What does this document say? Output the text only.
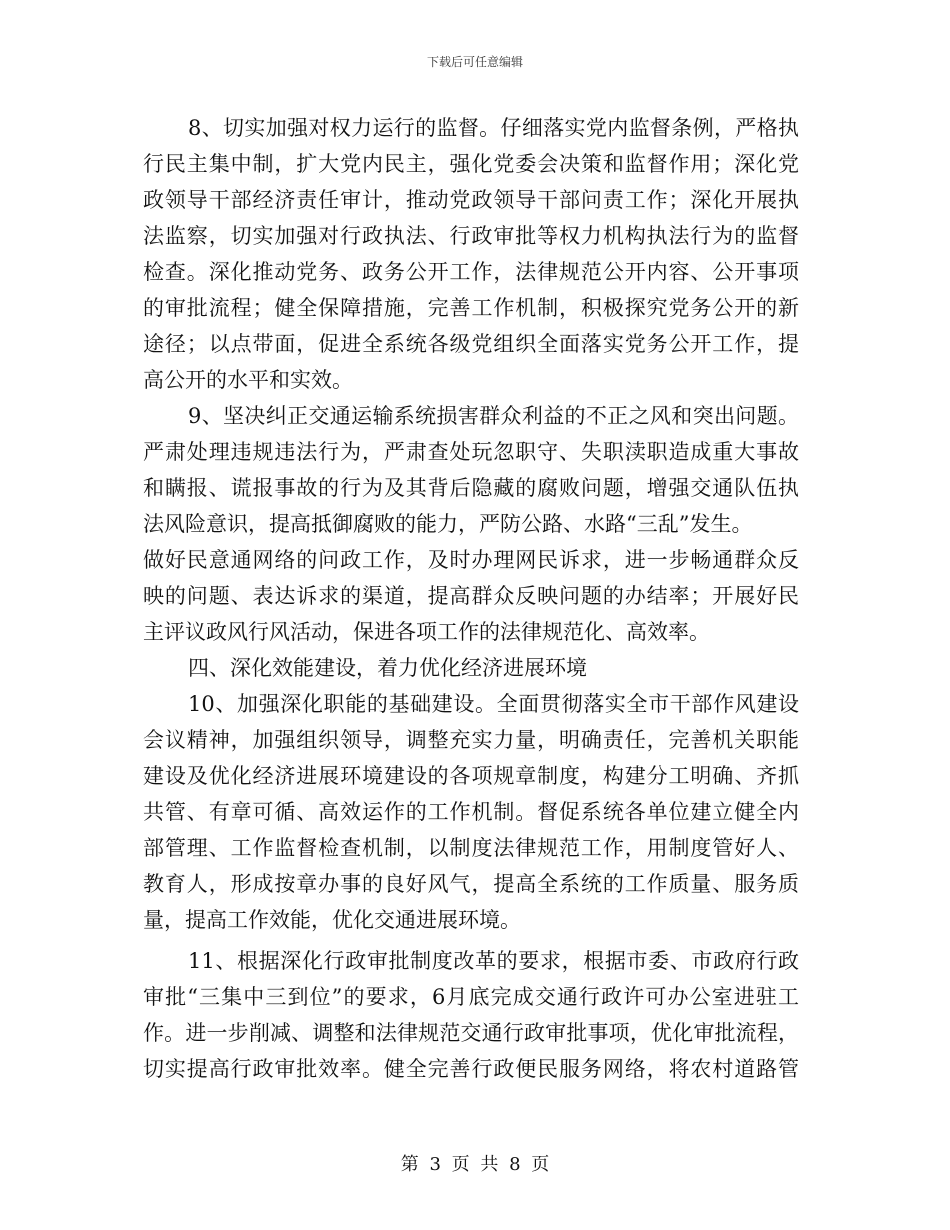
下载后可任意编辑
8、切实加强对权力运行的监督。仔细落实党内监督条例，严格执
行民主集中制，扩大党内民主，强化党委会决策和监督作用；深化党
政领导干部经济责任审计，推动党政领导干部问责工作；深化开展执
法监察，切实加强对行政执法、行政审批等权力机构执法行为的监督
检查。深化推动党务、政务公开工作，法律规范公开内容、公开事项
的审批流程；健全保障措施，完善工作机制，积极探究党务公开的新
途径；以点带面，促进全系统各级党组织全面落实党务公开工作，提
高公开的水平和实效。
9、坚决纠正交通运输系统损害群众利益的不正之风和突出问题。
严肃处理违规违法行为，严肃查处玩忽职守、失职渎职造成重大事故
和瞒报、谎报事故的行为及其背后隐藏的腐败问题，增强交通队伍执
法风险意识，提高抵御腐败的能力，严防公路、水路“三乱”发生。
做好民意通网络的问政工作，及时办理网民诉求，进一步畅通群众反
映的问题、表达诉求的渠道，提高群众反映问题的办结率；开展好民
主评议政风行风活动，保进各项工作的法律规范化、高效率。
四、深化效能建设，着力优化经济进展环境
10、加强深化职能的基础建设。全面贯彻落实全市干部作风建设
会议精神，加强组织领导，调整充实力量，明确责任，完善机关职能
建设及优化经济进展环境建设的各项规章制度，构建分工明确、齐抓
共管、有章可循、高效运作的工作机制。督促系统各单位建立健全内
部管理、工作监督检查机制，以制度法律规范工作，用制度管好人、
教育人，形成按章办事的良好风气，提高全系统的工作质量、服务质
量，提高工作效能，优化交通进展环境。
11、根据深化行政审批制度改革的要求，根据市委、市政府行政
审批“三集中三到位”的要求，6月底完成交通行政许可办公室进驻工
作。进一步削减、调整和法律规范交通行政审批事项，优化审批流程，
切实提高行政审批效率。健全完善行政便民服务网络，将农村道路管
第 3 页 共 8 页
